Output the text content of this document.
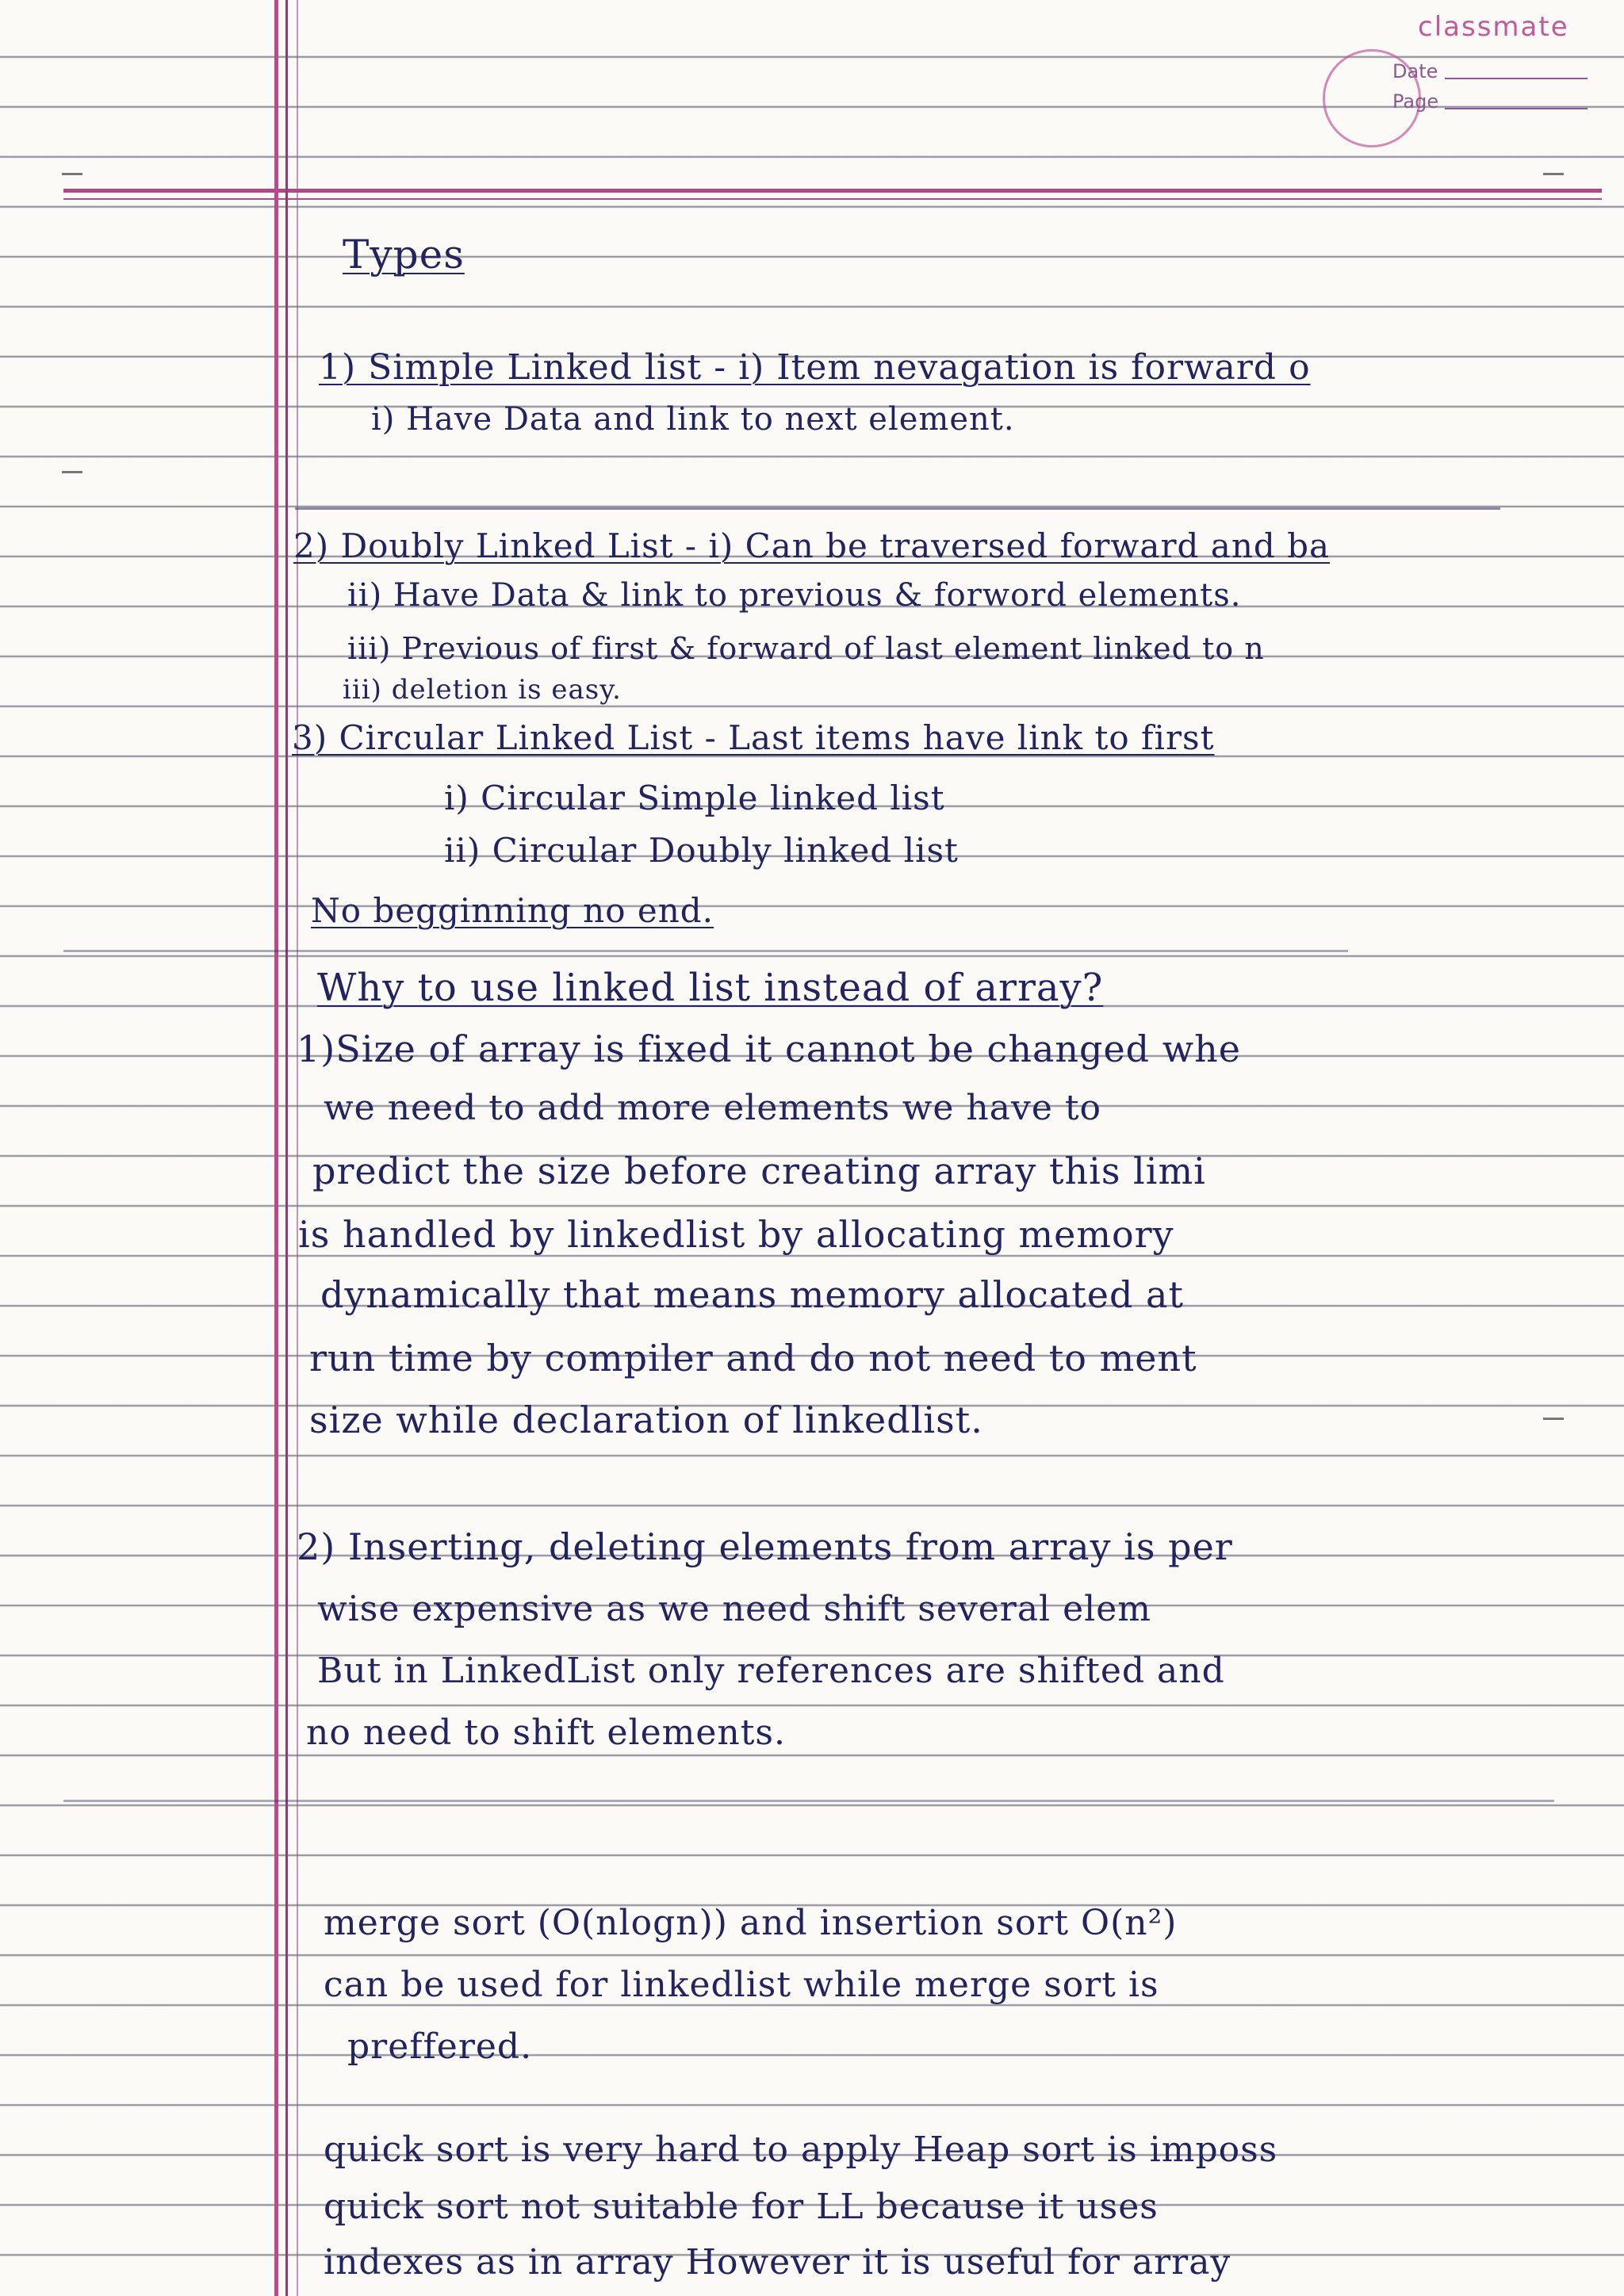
classmate
Date
Page
Types
1) Simple Linked list - i) Item nevagation is forward o
i) Have Data and link to next element.
2) Doubly Linked List - i) Can be traversed forward and ba
ii) Have Data & link to previous & forword elements.
iii) Previous of first & forward of last element linked to n
iii) deletion is easy.
3) Circular Linked List - Last items have link to first
i) Circular Simple linked list
ii) Circular Doubly linked list
No begginning no end.
Why to use linked list instead of array?
1)Size of array is fixed it cannot be changed whe
we need to add more elements we have to
predict the size before creating array this limi
is handled by linkedlist by allocating memory
dynamically that means memory allocated at
run time by compiler and do not need to ment
size while declaration of linkedlist.
2) Inserting, deleting elements from array is per
wise expensive as we need shift several elem
But in LinkedList only references are shifted and
no need to shift elements.
merge sort (O(nlogn)) and insertion sort O(n²)
can be used for linkedlist while merge sort is
preffered.
quick sort is very hard to apply Heap sort is imposs
quick sort not suitable for LL because it uses
indexes as in array However it is useful for array
